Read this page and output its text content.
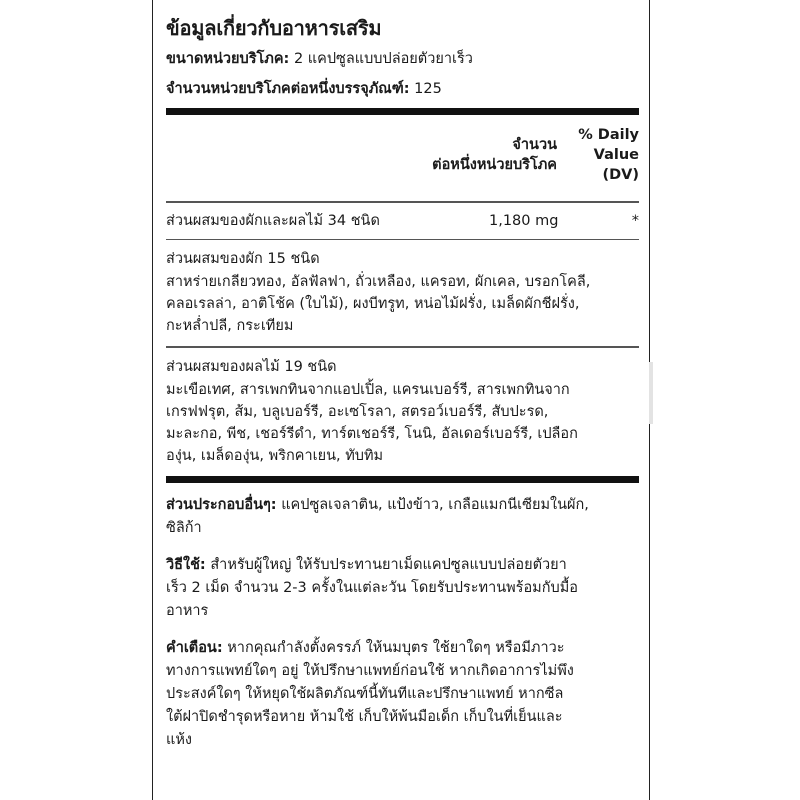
ข้อมูลเกี่ยวกับอาหารเสริม
ขนาดหน่วยบริโภค: 2 แคปซูลแบบปล่อยตัวยาเร็ว
จำนวนหน่วยบริโภคต่อหนึ่งบรรจุภัณฑ์: 125
จำนวน
ต่อหนึ่งหน่วยบริโภค
% Daily
Value
(DV)
ส่วนผสมของผักและผลไม้ 34 ชนิด	1,180 mg	*
ส่วนผสมของผัก 15 ชนิด
สาหร่ายเกลียวทอง, อัลฟัลฟา, ถั่วเหลือง, แครอท, ผักเคล, บรอกโคลี,
คลอเรลล่า, อาติโช้ค (ใบไม้), ผงบีทรูท, หน่อไม้ฝรั่ง, เมล็ดผักชีฝรั่ง,
กะหล่ำปลี, กระเทียม
ส่วนผสมของผลไม้ 19 ชนิด
มะเขือเทศ, สารเพกทินจากแอปเปิ้ล, แครนเบอร์รี, สารเพกทินจาก
เกรฟฟรุต, ส้ม, บลูเบอร์รี, อะเซโรลา, สตรอว์เบอร์รี, สับปะรด,
มะละกอ, พีช, เชอร์รีดำ, ทาร์ตเชอร์รี, โนนิ, อัลเดอร์เบอร์รี, เปลือก
องุ่น, เมล็ดองุ่น, พริกคาเยน, ทับทิม
ส่วนประกอบอื่นๆ: แคปซูลเจลาติน, แป้งข้าว, เกลือแมกนีเซียมในผัก,
ซิลิก้า
วิธีใช้: สำหรับผู้ใหญ่ ให้รับประทานยาเม็ดแคปซูลแบบปล่อยตัวยา
เร็ว 2 เม็ด จำนวน 2-3 ครั้งในแต่ละวัน โดยรับประทานพร้อมกับมื้อ
อาหาร
คำเตือน: หากคุณกำลังตั้งครรภ์ ให้นมบุตร ใช้ยาใดๆ หรือมีภาวะ
ทางการแพทย์ใดๆ อยู่ ให้ปรึกษาแพทย์ก่อนใช้ หากเกิดอาการไม่พึง
ประสงค์ใดๆ ให้หยุดใช้ผลิตภัณฑ์นี้ทันทีและปรึกษาแพทย์ หากซีล
ใต้ฝาปิดชำรุดหรือหาย ห้ามใช้ เก็บให้พ้นมือเด็ก เก็บในที่เย็นและ
แห้ง
